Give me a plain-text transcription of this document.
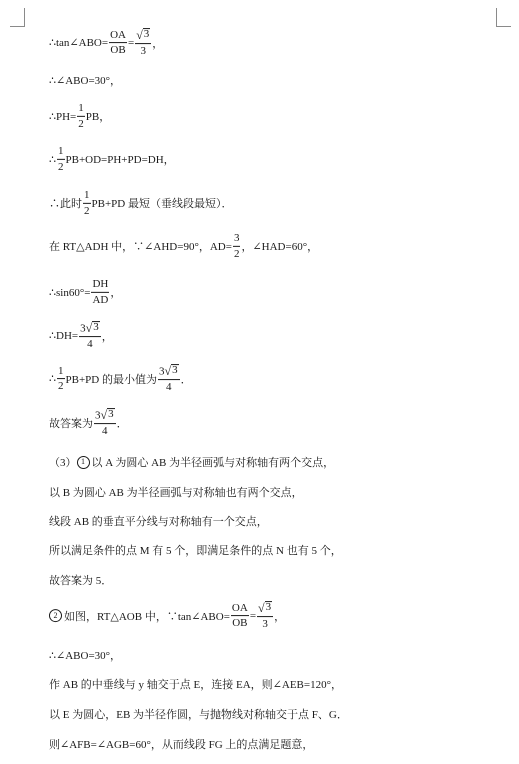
∴tan∠ABO= $\frac{OA}{OB} = \frac{√ 3}{3}$ ，
∴∠ABO=30°，
∴PH= $\frac{1}{2}$ PB，
∴ $\frac{1}{2} PB+OD=PH+PD=DH$，
∴此时 $\frac{1}{2} PB+PD$ 最短（垂线段最短）．
在 RT△ADH 中，∵∠AHD=90°，$AD= \frac{3}{2}$ ，∠HAD=60°，
∴sin60°= $\frac{DH}{AD}$ ，
∴DH= $\frac{3 √ 3}{4}$ ，
∴ $\frac{1}{2} PB+PD$ 的最小值为 $\frac{3 √ 3}{4}$ ．
故答案为 $\frac{3 √ 3}{4}$ ．
（3） 1 以 A 为圆心 AB 为半径画弧与对称轴有两个交点，
以 B 为圆心 AB 为半径画弧与对称轴也有两个交点，
线段 AB 的垂直平分线与对称轴有一个交点，
所以满足条件的点 M 有 5 个，即满足条件的点 N 也有 5 个，
故答案为 5．
2 如图，RT△AOB 中，∵tan∠ABO= $\frac{OA}{OB} = \frac{√ 3}{3}$ ，
∴∠ABO=30°，
作 AB 的中垂线与 y 轴交于点 E，连接 EA，则∠AEB=120°，
以 E 为圆心，EB 为半径作圆，与抛物线对称轴交于点 F、G．
则∠AFB=∠AGB=60°，从而线段 FG 上的点满足题意，
